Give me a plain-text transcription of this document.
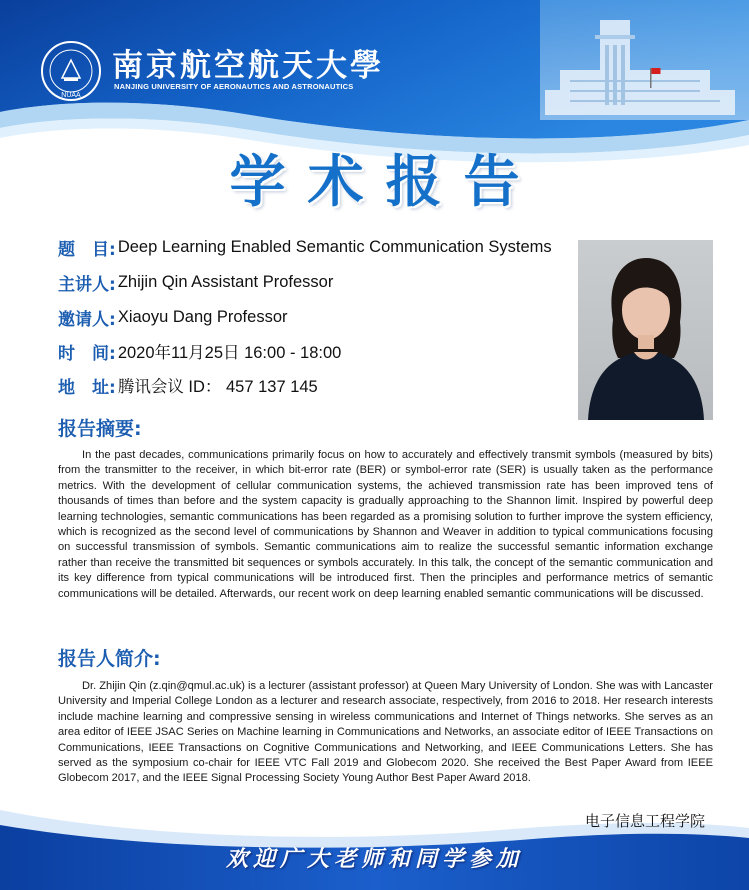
NUAA
南京航空航天大學
NANJING UNIVERSITY OF AERONAUTICS AND ASTRONAUTICS
学术报告
题　目: Deep Learning Enabled Semantic Communication Systems
主讲人: Zhijin Qin Assistant Professor
邀请人: Xiaoyu Dang Professor
时　间: 2020年11月25日 16:00 - 18:00
地　址: 腾讯会议 ID： 457 137 145
报告摘要:

In the past decades, communications primarily focus on how to accurately and effectively transmit symbols (measured by bits) from the transmitter to the receiver, in which bit-error rate (BER) or symbol-error rate (SER) is usually taken as the performance metrics. With the development of cellular communication systems, the achieved transmission rate has been improved tens of thousands of times than before and the system capacity is gradually approaching to the Shannon limit. Inspired by powerful deep learning technologies, semantic communications has been regarded as a promising solution to further improve the system efficiency, which is recognized as the second level of communications by Shannon and Weaver in addition to typical communications focusing on successful transmission of symbols. Semantic communications aim to realize the successful semantic information exchange rather than receive the transmitted bit sequences or symbols accurately. In this talk, the concept of the semantic communication and its key difference from typical communications will be introduced first. Then the principles and performance metrics of semantic communications will be detailed. Afterwards, our recent work on deep learning enabled semantic communications will be discussed.

报告人简介:

Dr. Zhijin Qin (z.qin@qmul.ac.uk) is a lecturer (assistant professor) at Queen Mary University of London. She was with Lancaster University and Imperial College London as a lecturer and research associate, respectively, from 2016 to 2018. Her research interests include machine learning and compressive sensing in wireless communications and Internet of Things networks. She serves as an area editor of IEEE JSAC Series on Machine learning in Communications and Networks, an associate editor of IEEE Transactions on Communications, IEEE Transactions on Cognitive Communications and Networking, and IEEE Communications Letters. She has served as the symposium co-chair for IEEE VTC Fall 2019 and Globecom 2020. She received the Best Paper Award from IEEE Globecom 2017, and the IEEE Signal Processing Society Young Author Best Paper Award 2018.

电子信息工程学院
欢迎广大老师和同学参加
